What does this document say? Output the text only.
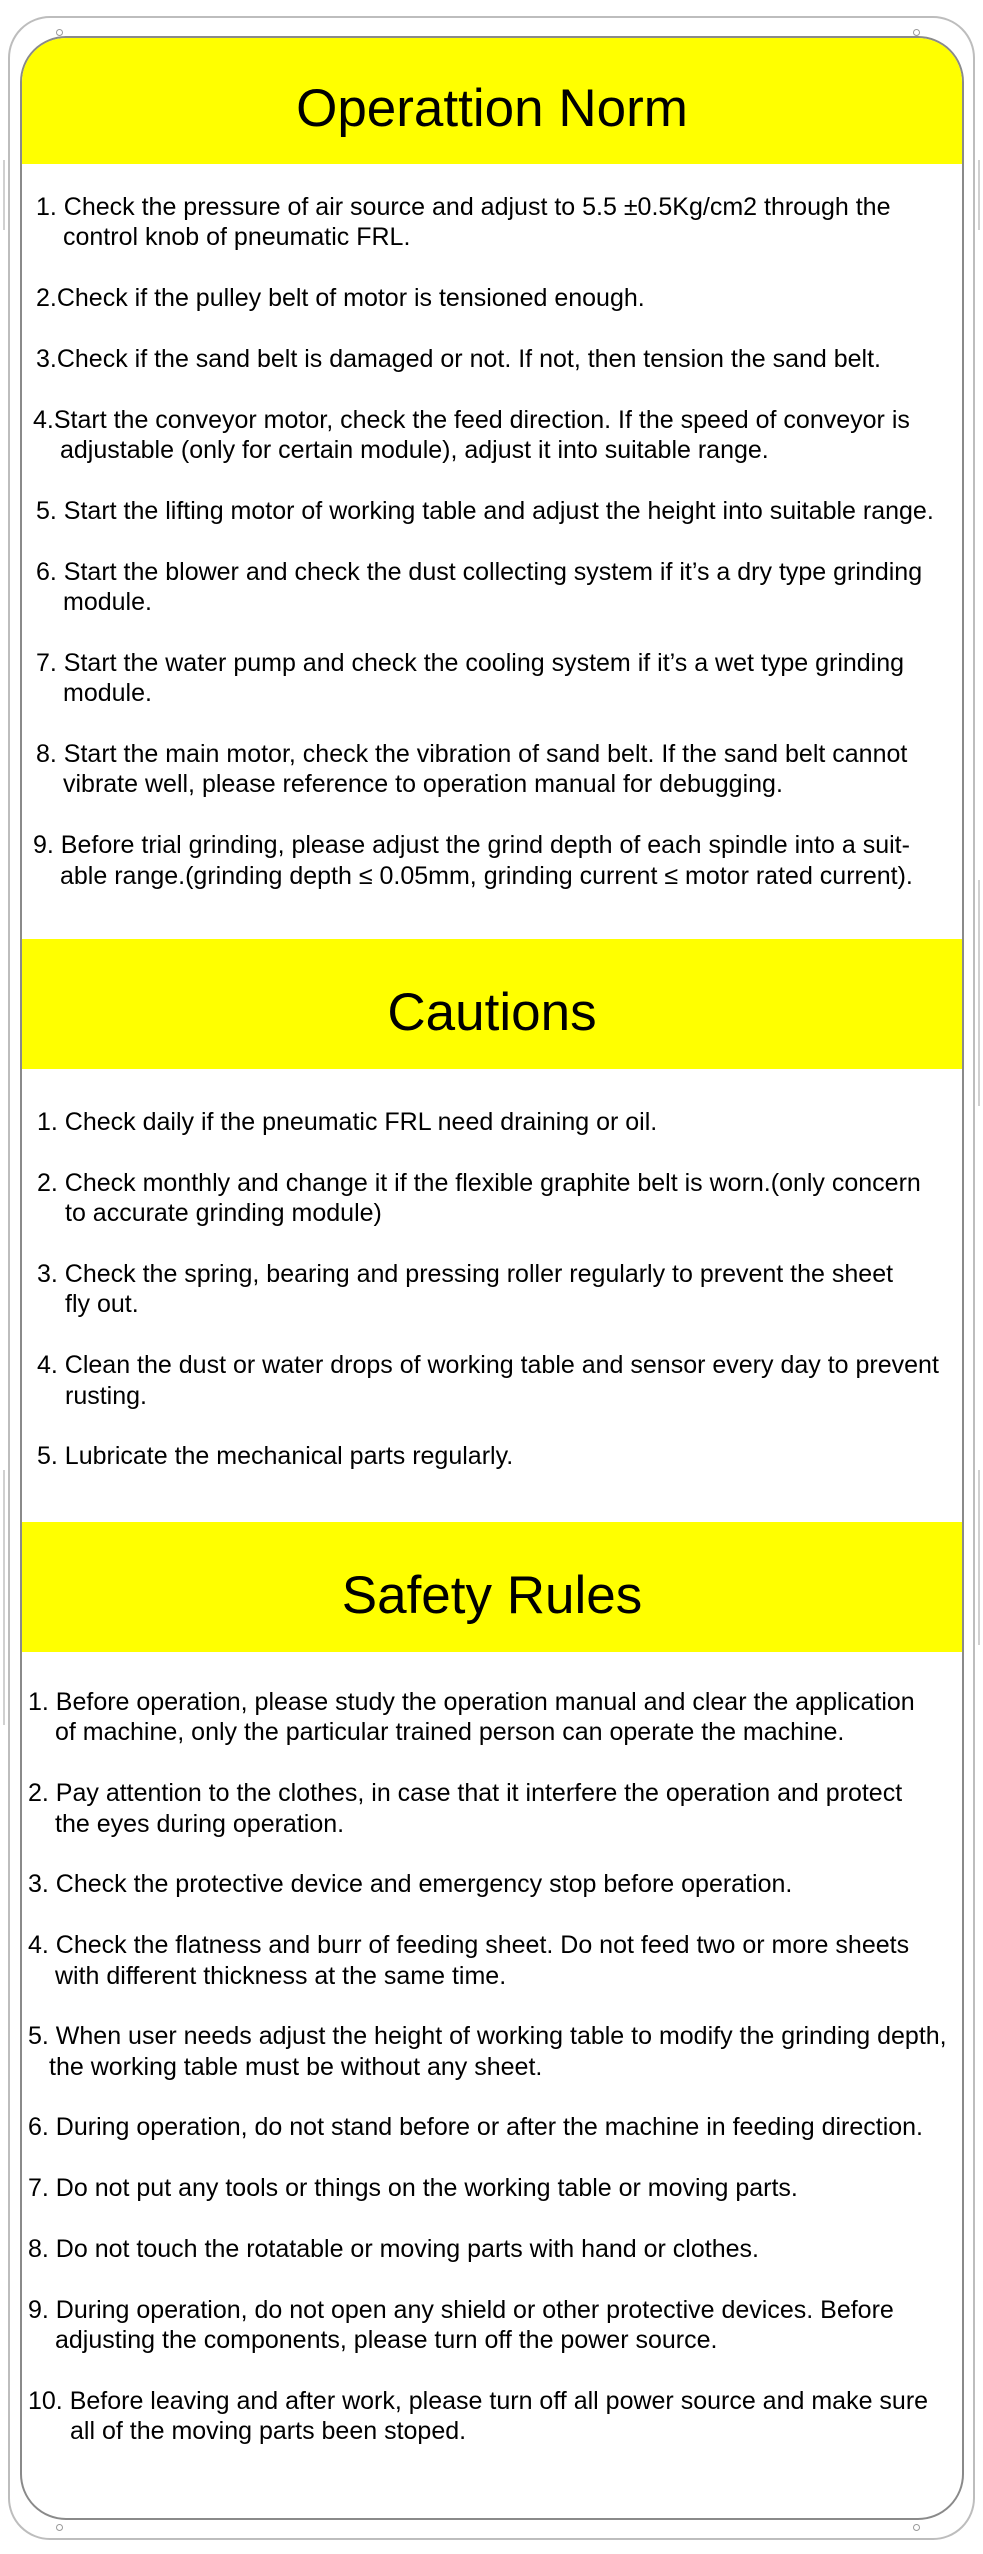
Operattion Norm
1. Check the pressure of air source and adjust to 5.5 ±0.5Kg/cm2 through the
control knob of pneumatic FRL.
2.Check if the pulley belt of motor is tensioned enough.
3.Check if the sand belt is damaged or not. If not, then tension the sand belt.
4.Start the conveyor motor, check the feed direction. If the speed of conveyor is
adjustable (only for certain module), adjust it into suitable range.
5. Start the lifting motor of working table and adjust the height into suitable range.
6. Start the blower and check the dust collecting system if it’s a dry type grinding
module.
7. Start the water pump and check the cooling system if it’s a wet type grinding
module.
8. Start the main motor, check the vibration of sand belt. If the sand belt cannot
vibrate well, please reference to operation manual for debugging.
9. Before trial grinding, please adjust the grind depth of each spindle into a suit-
able range.(grinding depth ≤ 0.05mm, grinding current ≤ motor rated current).
Cautions
1. Check daily if the pneumatic FRL need draining or oil.
2. Check monthly and change it if the flexible graphite belt is worn.(only concern
to accurate grinding module)
3. Check the spring, bearing and pressing roller regularly to prevent the sheet
fly out.
4. Clean the dust or water drops of working table and sensor every day to prevent
rusting.
5. Lubricate the mechanical parts regularly.
Safety Rules
1. Before operation, please study the operation manual and clear the application
of machine, only the particular trained person can operate the machine.
2. Pay attention to the clothes, in case that it interfere the operation and protect
the eyes during operation.
3. Check the protective device and emergency stop before operation.
4. Check the flatness and burr of feeding sheet. Do not feed two or more sheets
with different thickness at the same time.
5. When user needs adjust the height of working table to modify the grinding depth,
the working table must be without any sheet.
6. During operation, do not stand before or after the machine in feeding direction.
7. Do not put any tools or things on the working table or moving parts.
8. Do not touch the rotatable or moving parts with hand or clothes.
9. During operation, do not open any shield or other protective devices. Before
adjusting the components, please turn off the power source.
10. Before leaving and after work, please turn off all power source and make sure
all of the moving parts been stoped.
